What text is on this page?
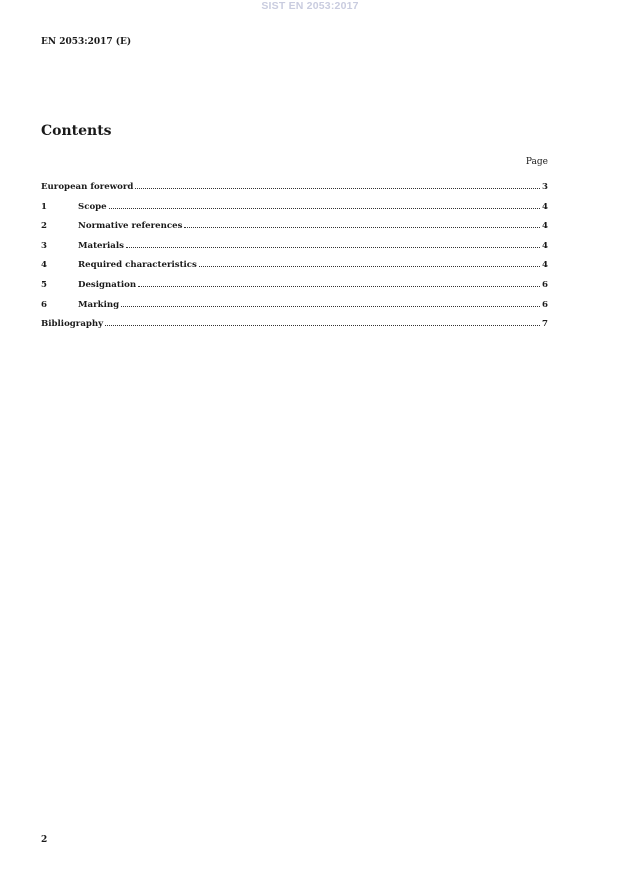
SIST EN 2053:2017
EN 2053:2017 (E)
Contents
Page
European foreword	3
1	Scope	4
2	Normative references	4
3	Materials	4
4	Required characteristics	4
5	Designation	6
6	Marking	6
Bibliography	7
2
